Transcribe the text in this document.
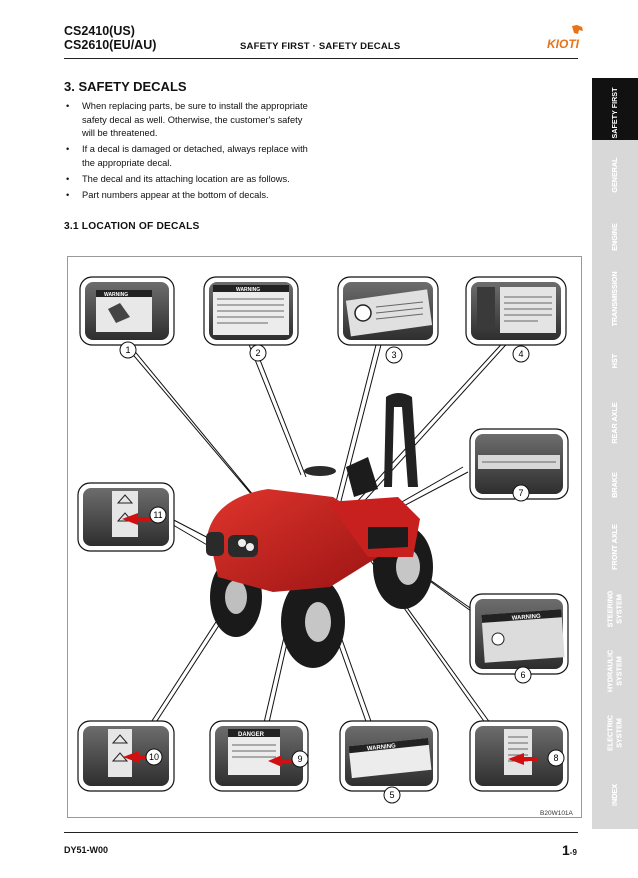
CS2410(US)
CS2610(EU/AU)	SAFETY FIRST · SAFETY DECALS	KIOTI
3. SAFETY DECALS
• When replacing parts, be sure to install the appropriate safety decal as well. Otherwise, the customer's safety will be threatened.
• If a decal is damaged or detached, always replace with the appropriate decal.
• The decal and its attaching location are as follows.
• Part numbers appear at the bottom of decals.
3.1 LOCATION OF DECALS
WARNING
WARNING
WARNING
DANGER
WARNING
1	2	3	4
7
11
6
10	9
5
8
B20W101A
DY51-W00	1-9
SAFETY FIRST
GENERAL
ENGINE
TRANSMISSION
HST
REAR AXLE
BRAKE
FRONT AXLE
STEERING
SYSTEM
HYDRAULIC
SYSTEM
ELECTRIC
SYSTEM
INDEX
